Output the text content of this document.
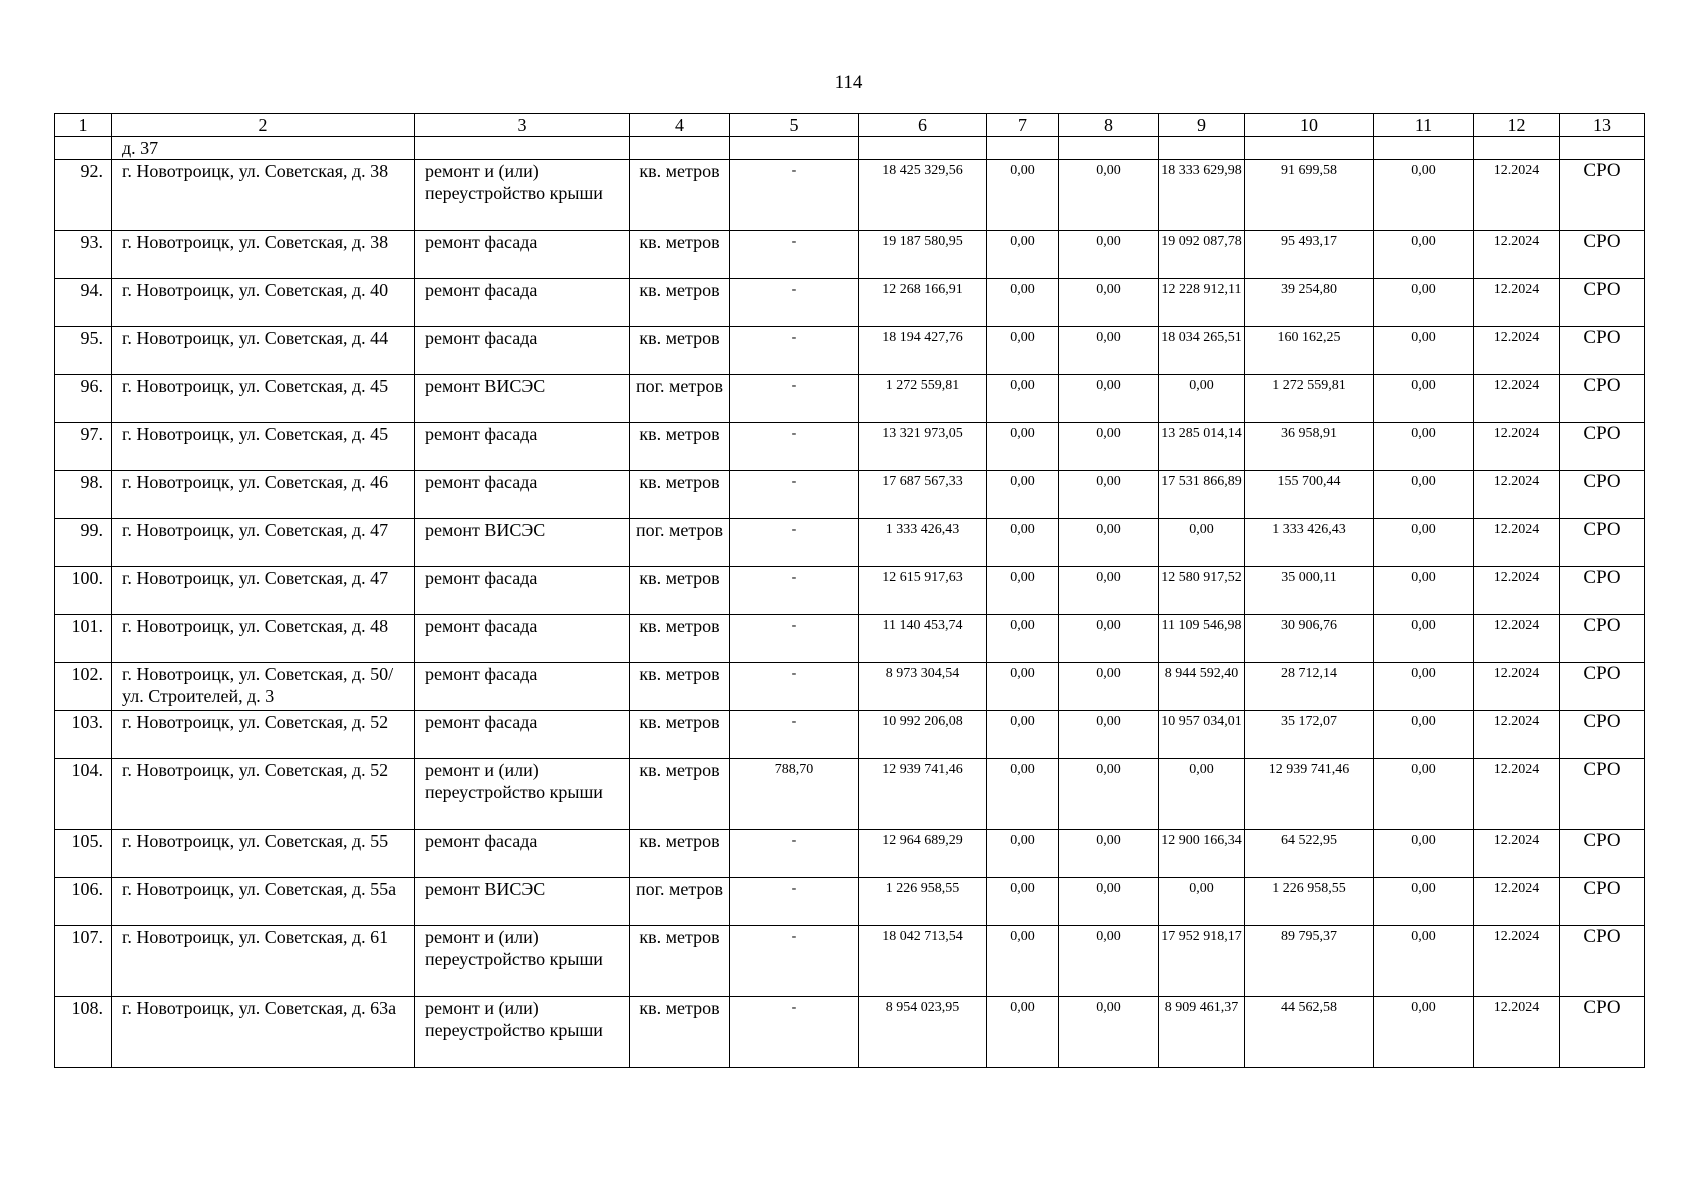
114
1	2	3	4	5	6	7	8	9	10	11	12	13
	д. 37											
92.	г. Новотроицк, ул. Советская, д. 38	ремонт и (или) переустройство крыши	кв. метров	-	18 425 329,56	0,00	0,00	18 333 629,98	91 699,58	0,00	12.2024	СРО
93.	г. Новотроицк, ул. Советская, д. 38	ремонт фасада	кв. метров	-	19 187 580,95	0,00	0,00	19 092 087,78	95 493,17	0,00	12.2024	СРО
94.	г. Новотроицк, ул. Советская, д. 40	ремонт фасада	кв. метров	-	12 268 166,91	0,00	0,00	12 228 912,11	39 254,80	0,00	12.2024	СРО
95.	г. Новотроицк, ул. Советская, д. 44	ремонт фасада	кв. метров	-	18 194 427,76	0,00	0,00	18 034 265,51	160 162,25	0,00	12.2024	СРО
96.	г. Новотроицк, ул. Советская, д. 45	ремонт ВИСЭС	пог. метров	-	1 272 559,81	0,00	0,00	0,00	1 272 559,81	0,00	12.2024	СРО
97.	г. Новотроицк, ул. Советская, д. 45	ремонт фасада	кв. метров	-	13 321 973,05	0,00	0,00	13 285 014,14	36 958,91	0,00	12.2024	СРО
98.	г. Новотроицк, ул. Советская, д. 46	ремонт фасада	кв. метров	-	17 687 567,33	0,00	0,00	17 531 866,89	155 700,44	0,00	12.2024	СРО
99.	г. Новотроицк, ул. Советская, д. 47	ремонт ВИСЭС	пог. метров	-	1 333 426,43	0,00	0,00	0,00	1 333 426,43	0,00	12.2024	СРО
100.	г. Новотроицк, ул. Советская, д. 47	ремонт фасада	кв. метров	-	12 615 917,63	0,00	0,00	12 580 917,52	35 000,11	0,00	12.2024	СРО
101.	г. Новотроицк, ул. Советская, д. 48	ремонт фасада	кв. метров	-	11 140 453,74	0,00	0,00	11 109 546,98	30 906,76	0,00	12.2024	СРО
102.	г. Новотроицк, ул. Советская, д. 50/ул. Строителей, д. 3	ремонт фасада	кв. метров	-	8 973 304,54	0,00	0,00	8 944 592,40	28 712,14	0,00	12.2024	СРО
103.	г. Новотроицк, ул. Советская, д. 52	ремонт фасада	кв. метров	-	10 992 206,08	0,00	0,00	10 957 034,01	35 172,07	0,00	12.2024	СРО
104.	г. Новотроицк, ул. Советская, д. 52	ремонт и (или) переустройство крыши	кв. метров	788,70	12 939 741,46	0,00	0,00	0,00	12 939 741,46	0,00	12.2024	СРО
105.	г. Новотроицк, ул. Советская, д. 55	ремонт фасада	кв. метров	-	12 964 689,29	0,00	0,00	12 900 166,34	64 522,95	0,00	12.2024	СРО
106.	г. Новотроицк, ул. Советская, д. 55а	ремонт ВИСЭС	пог. метров	-	1 226 958,55	0,00	0,00	0,00	1 226 958,55	0,00	12.2024	СРО
107.	г. Новотроицк, ул. Советская, д. 61	ремонт и (или) переустройство крыши	кв. метров	-	18 042 713,54	0,00	0,00	17 952 918,17	89 795,37	0,00	12.2024	СРО
108.	г. Новотроицк, ул. Советская, д. 63а	ремонт и (или) переустройство крыши	кв. метров	-	8 954 023,95	0,00	0,00	8 909 461,37	44 562,58	0,00	12.2024	СРО
